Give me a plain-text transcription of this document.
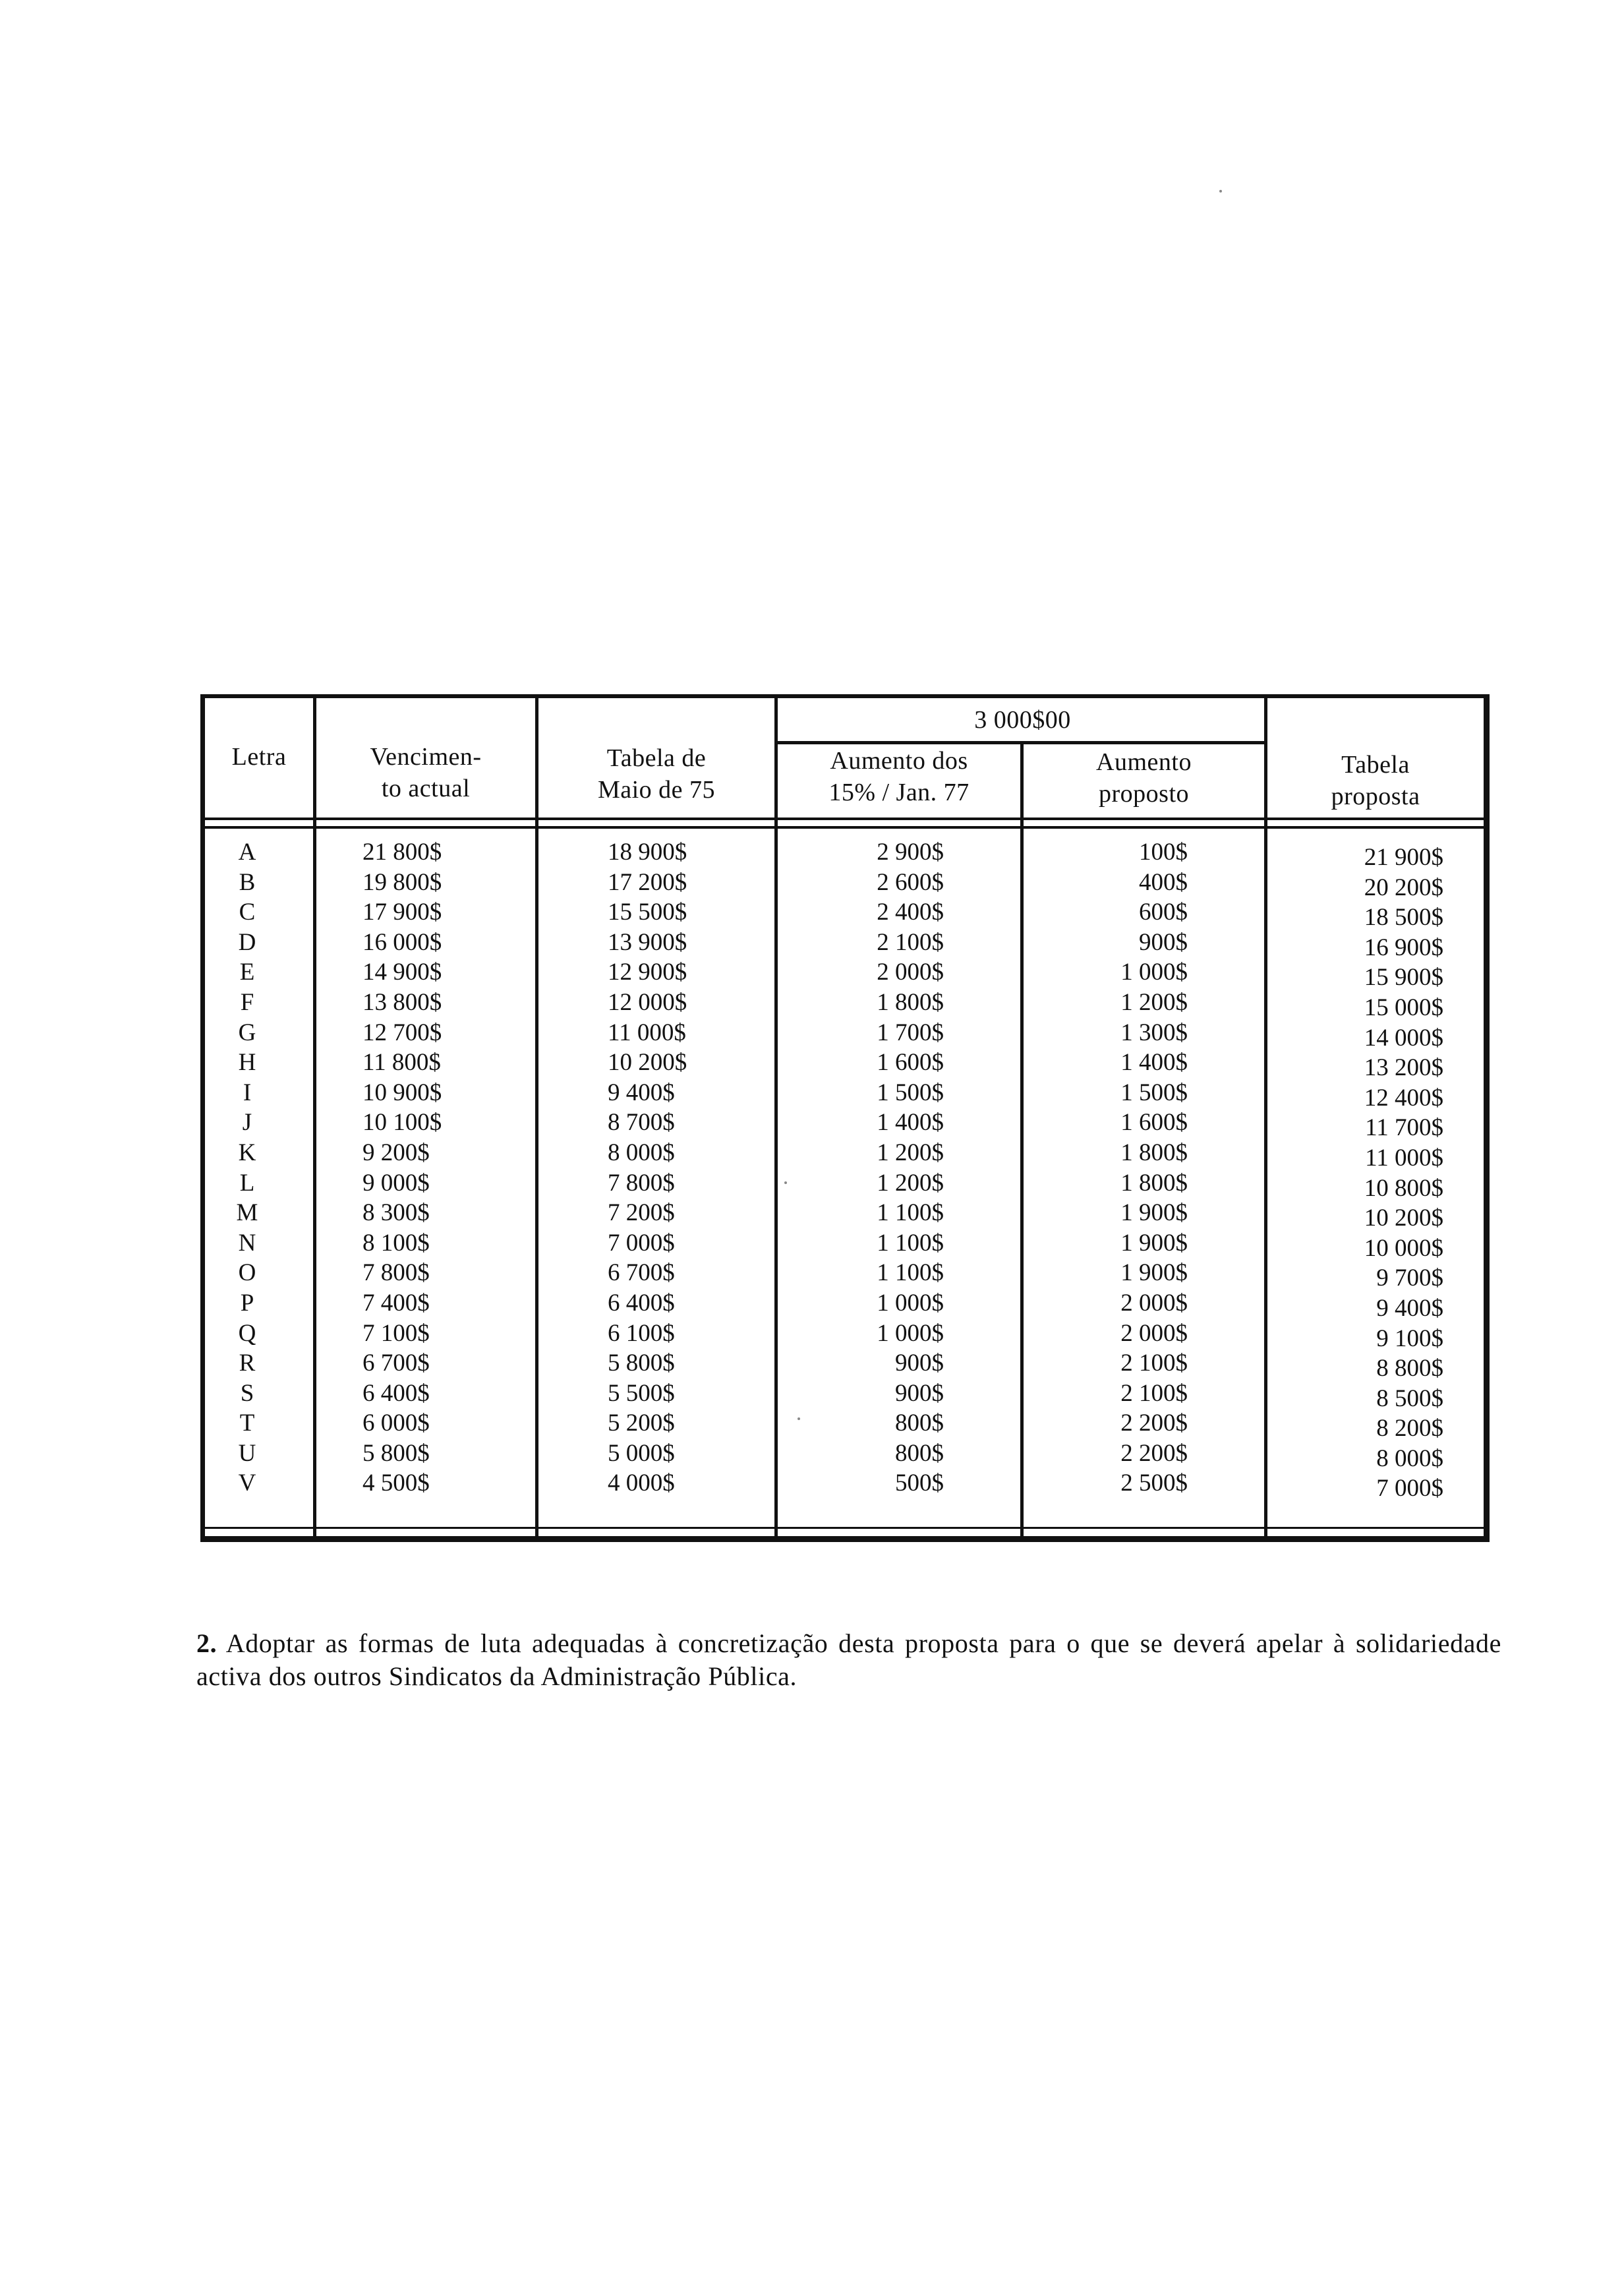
Letra	Vencimen-
to actual
Tabela de
Maio de 75
3 000$00
Aumento dos
15% / Jan. 77
Aumento
proposto
Tabela
proposta
A
B
C
D
E
F
G
H
I
J
K
L
M
N
O
P
Q
R
S
T
U
V
21 800$
19 800$
17 900$
16 000$
14 900$
13 800$
12 700$
11 800$
10 900$
10 100$
9 200$
9 000$
8 300$
8 100$
7 800$
7 400$
7 100$
6 700$
6 400$
6 000$
5 800$
4 500$
18 900$
17 200$
15 500$
13 900$
12 900$
12 000$
11 000$
10 200$
9 400$
8 700$
8 000$
7 800$
7 200$
7 000$
6 700$
6 400$
6 100$
5 800$
5 500$
5 200$
5 000$
4 000$
2 900$
2 600$
2 400$
2 100$
2 000$
1 800$
1 700$
1 600$
1 500$
1 400$
1 200$
1 200$
1 100$
1 100$
1 100$
1 000$
1 000$
900$
900$
800$
800$
500$
100$
400$
600$
900$
1 000$
1 200$
1 300$
1 400$
1 500$
1 600$
1 800$
1 800$
1 900$
1 900$
1 900$
2 000$
2 000$
2 100$
2 100$
2 200$
2 200$
2 500$
21 900$
20 200$
18 500$
16 900$
15 900$
15 000$
14 000$
13 200$
12 400$
11 700$
11 000$
10 800$
10 200$
10 000$
9 700$
9 400$
9 100$
8 800$
8 500$
8 200$
8 000$
7 000$
2. Adoptar as formas de luta adequadas à concretização desta proposta para o que se deverá apelar à solidariedade activa dos outros Sindicatos da Administração Pública.
